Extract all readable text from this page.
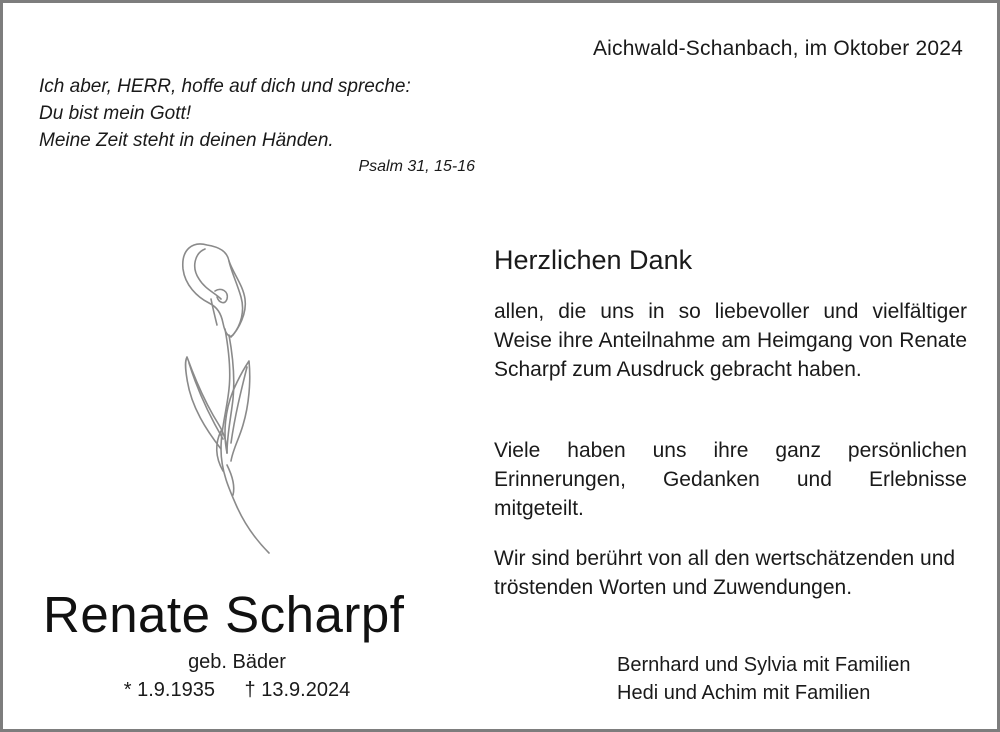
Aichwald-Schanbach, im Oktober 2024
Ich aber, HERR, hoffe auf dich und spreche:
Du bist mein Gott!
Meine Zeit steht in deinen Händen.
Psalm 31, 15-16
Renate Scharpf
geb. Bäder
* 1.9.1935 † 13.9.2024
Herzlichen Dank
allen, die uns in so liebevoller und vielfältiger Weise ihre Anteilnahme am Heimgang von Renate Scharpf zum Ausdruck gebracht haben.
Viele haben uns ihre ganz persönlichen Erinnerungen, Gedanken und Erlebnisse mitgeteilt.
Wir sind berührt von all den wertschätzenden und tröstenden Worten und Zuwendungen.
Bernhard und Sylvia mit Familien
Hedi und Achim mit Familien
